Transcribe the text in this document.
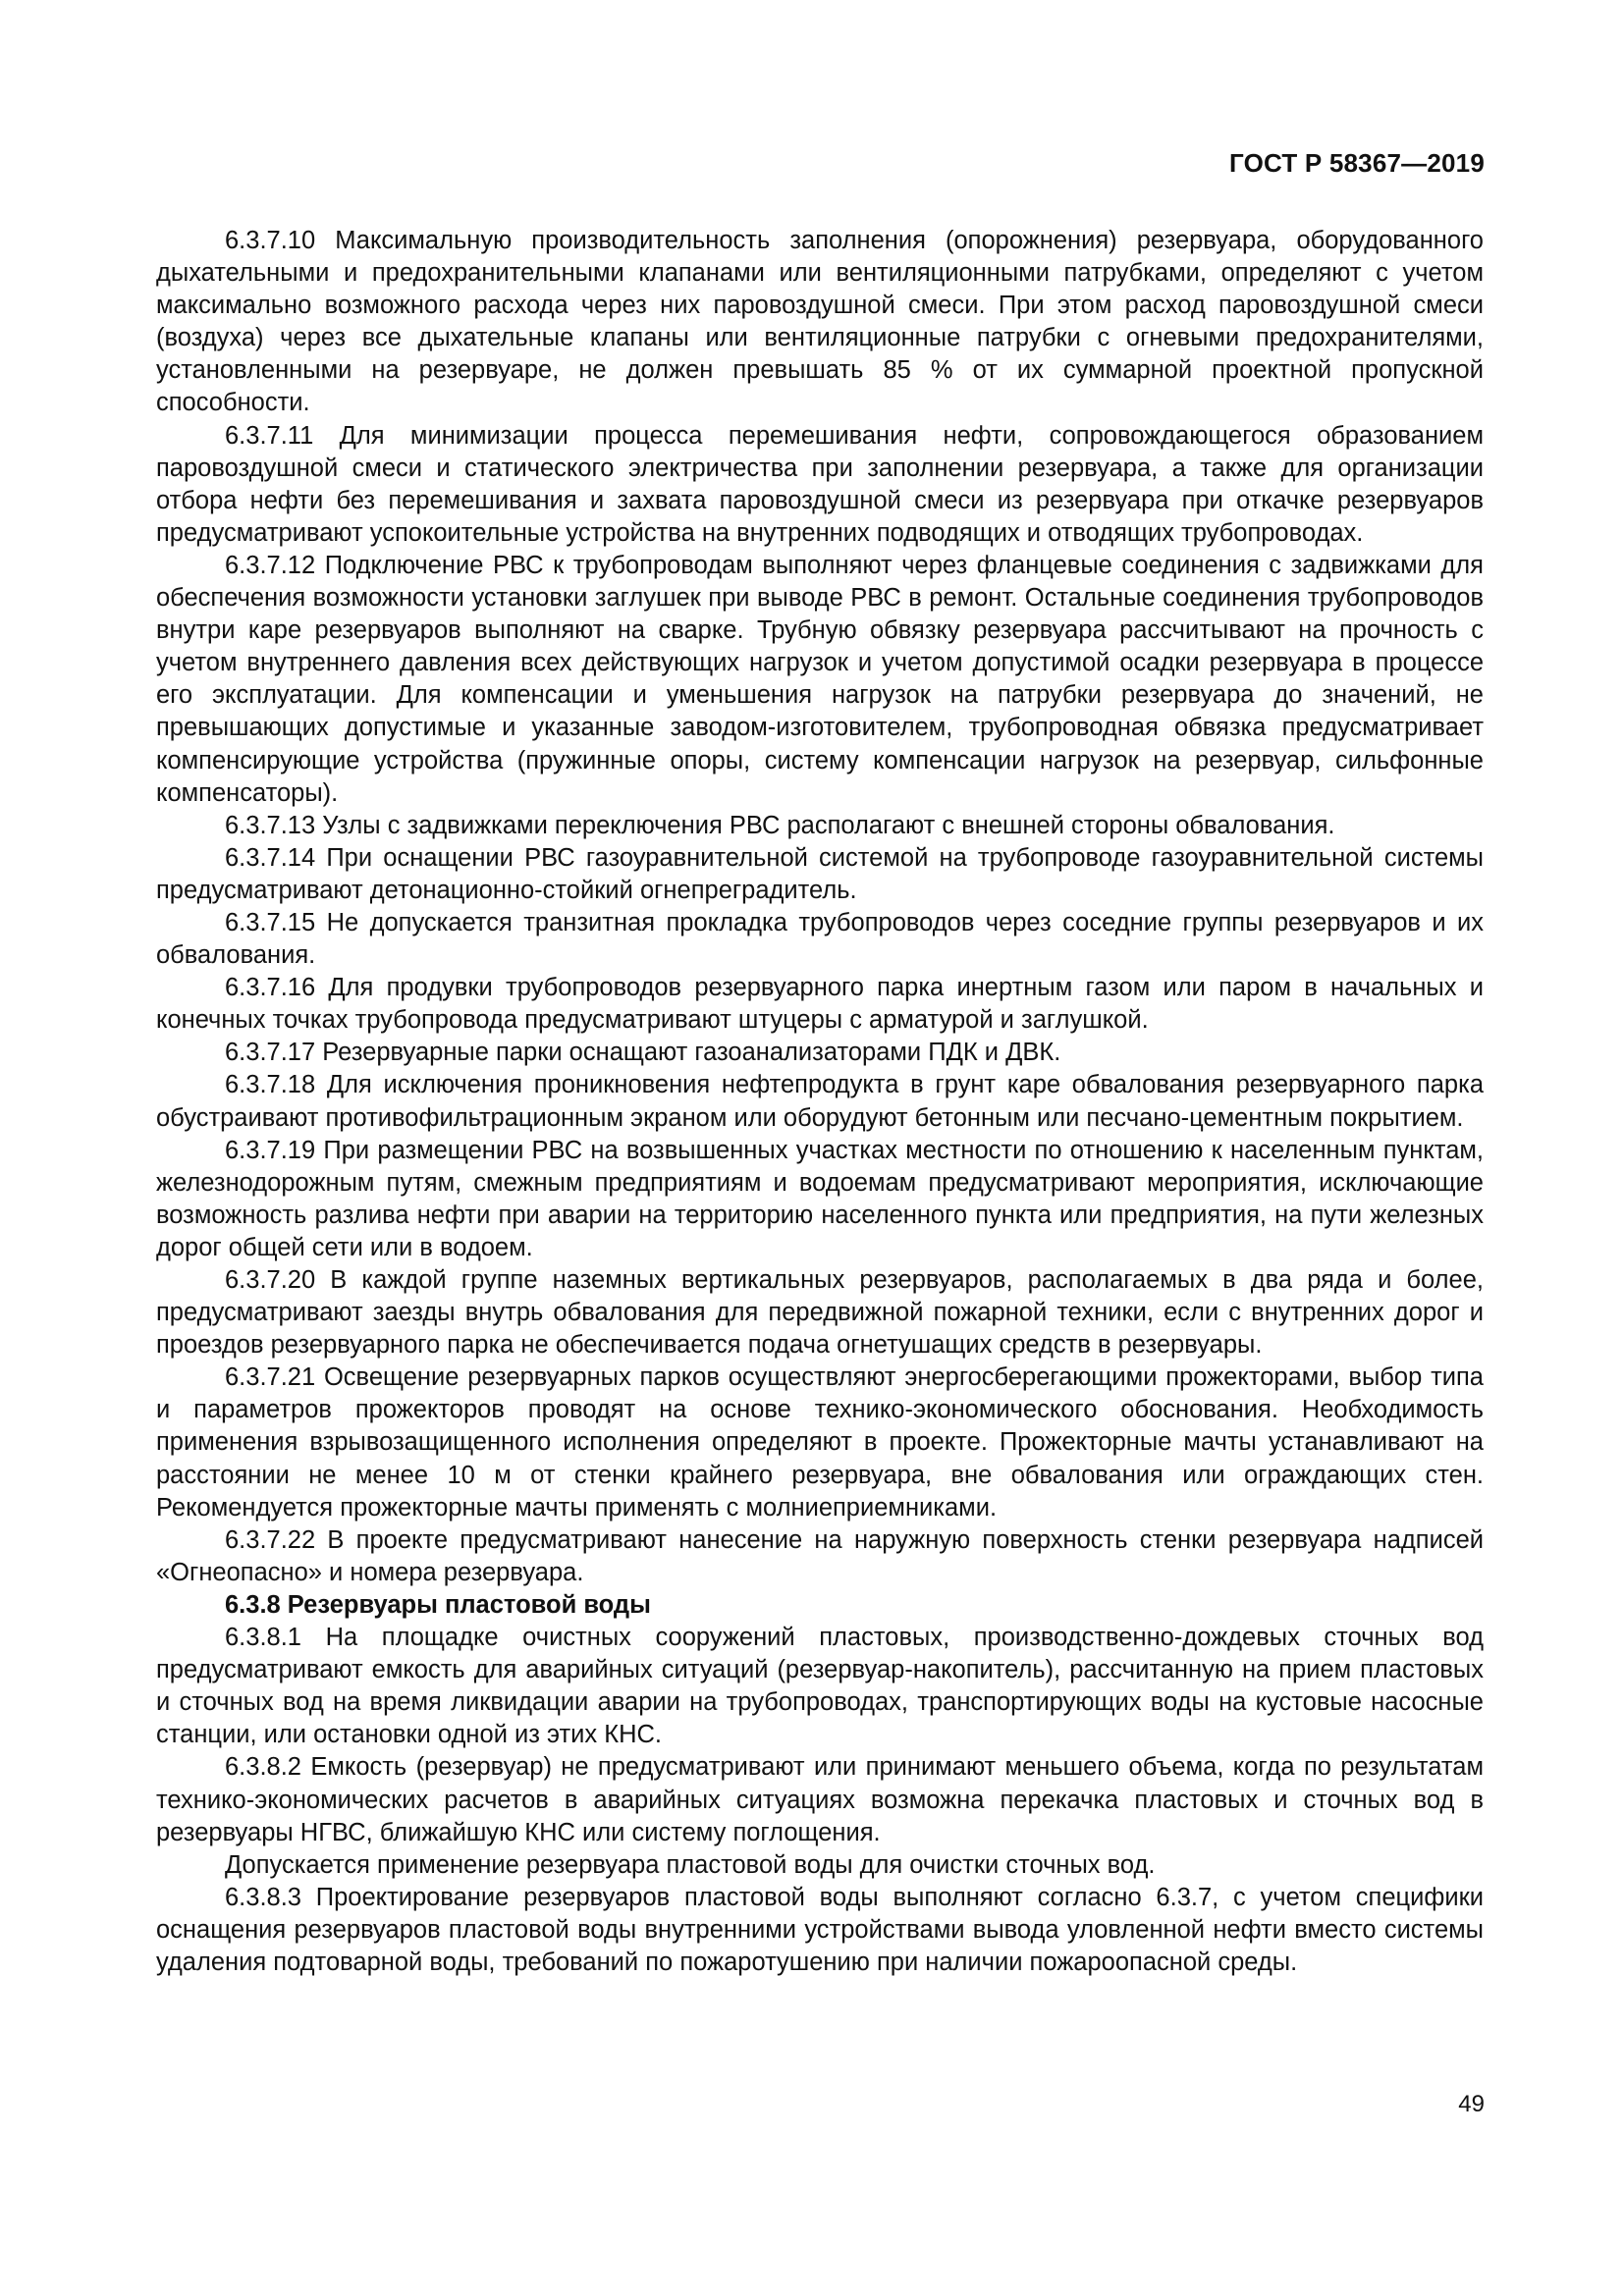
ГОСТ Р 58367—2019

6.3.7.10 Максимальную производительность заполнения (опорожнения) резервуара, оборудованного дыхательными и предохранительными клапанами или вентиляционными патрубками, определяют с учетом максимально возможного расхода через них паровоздушной смеси. При этом расход паровоздушной смеси (воздуха) через все дыхательные клапаны или вентиляционные патрубки с огневыми предохранителями, установленными на резервуаре, не должен превышать 85 % от их суммарной проектной пропускной способности.

6.3.7.11 Для минимизации процесса перемешивания нефти, сопровождающегося образованием паровоздушной смеси и статического электричества при заполнении резервуара, а также для организации отбора нефти без перемешивания и захвата паровоздушной смеси из резервуара при откачке резервуаров предусматривают успокоительные устройства на внутренних подводящих и отводящих трубопроводах.

6.3.7.12 Подключение РВС к трубопроводам выполняют через фланцевые соединения с задвижками для обеспечения возможности установки заглушек при выводе РВС в ремонт. Остальные соединения трубопроводов внутри каре резервуаров выполняют на сварке. Трубную обвязку резервуара рассчитывают на прочность с учетом внутреннего давления всех действующих нагрузок и учетом допустимой осадки резервуара в процессе его эксплуатации. Для компенсации и уменьшения нагрузок на патрубки резервуара до значений, не превышающих допустимые и указанные заводом-изготовителем, трубопроводная обвязка предусматривает компенсирующие устройства (пружинные опоры, систему компенсации нагрузок на резервуар, сильфонные компенсаторы).

6.3.7.13 Узлы с задвижками переключения РВС располагают с внешней стороны обвалования.

6.3.7.14 При оснащении РВС газоуравнительной системой на трубопроводе газоуравнительной системы предусматривают детонационно-стойкий огнепреградитель.

6.3.7.15 Не допускается транзитная прокладка трубопроводов через соседние группы резервуаров и их обвалования.

6.3.7.16 Для продувки трубопроводов резервуарного парка инертным газом или паром в начальных и конечных точках трубопровода предусматривают штуцеры с арматурой и заглушкой.

6.3.7.17 Резервуарные парки оснащают газоанализаторами ПДК и ДВК.

6.3.7.18 Для исключения проникновения нефтепродукта в грунт каре обвалования резервуарного парка обустраивают противофильтрационным экраном или оборудуют бетонным или песчано-цементным покрытием.

6.3.7.19 При размещении РВС на возвышенных участках местности по отношению к населенным пунктам, железнодорожным путям, смежным предприятиям и водоемам предусматривают мероприятия, исключающие возможность разлива нефти при аварии на территорию населенного пункта или предприятия, на пути железных дорог общей сети или в водоем.

6.3.7.20 В каждой группе наземных вертикальных резервуаров, располагаемых в два ряда и более, предусматривают заезды внутрь обвалования для передвижной пожарной техники, если с внутренних дорог и проездов резервуарного парка не обеспечивается подача огнетушащих средств в резервуары.

6.3.7.21 Освещение резервуарных парков осуществляют энергосберегающими прожекторами, выбор типа и параметров прожекторов проводят на основе технико-экономического обоснования. Необходимость применения взрывозащищенного исполнения определяют в проекте. Прожекторные мачты устанавливают на расстоянии не менее 10 м от стенки крайнего резервуара, вне обвалования или ограждающих стен. Рекомендуется прожекторные мачты применять с молниеприемниками.

6.3.7.22 В проекте предусматривают нанесение на наружную поверхность стенки резервуара надписей «Огнеопасно» и номера резервуара.

6.3.8 Резервуары пластовой воды

6.3.8.1 На площадке очистных сооружений пластовых, производственно-дождевых сточных вод предусматривают емкость для аварийных ситуаций (резервуар-накопитель), рассчитанную на прием пластовых и сточных вод на время ликвидации аварии на трубопроводах, транспортирующих воды на кустовые насосные станции, или остановки одной из этих КНС.

6.3.8.2 Емкость (резервуар) не предусматривают или принимают меньшего объема, когда по результатам технико-экономических расчетов в аварийных ситуациях возможна перекачка пластовых и сточных вод в резервуары НГВС, ближайшую КНС или систему поглощения.

Допускается применение резервуара пластовой воды для очистки сточных вод.

6.3.8.3 Проектирование резервуаров пластовой воды выполняют согласно 6.3.7, с учетом специфики оснащения резервуаров пластовой воды внутренними устройствами вывода уловленной нефти вместо системы удаления подтоварной воды, требований по пожаротушению при наличии пожароопасной среды.

49
